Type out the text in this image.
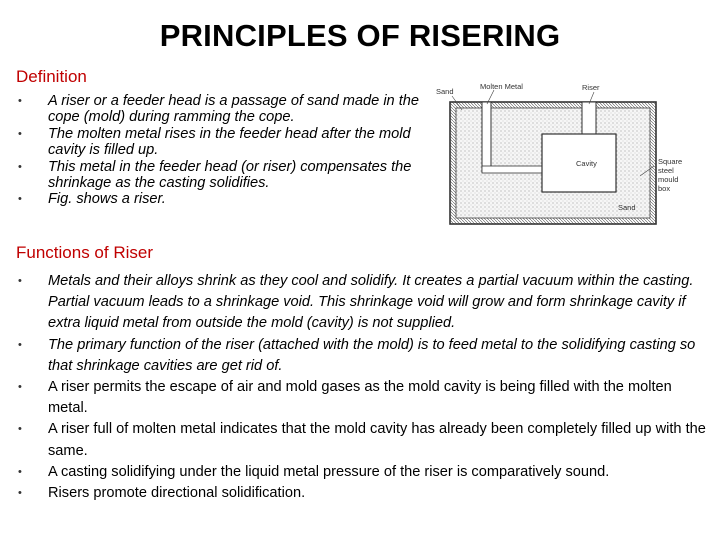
PRINCIPLES OF RISERING
Definition
• A riser or a feeder head is a passage of sand made in the cope (mold) during ramming the cope.
• The molten metal rises in the feeder head after the mold cavity is filled up.
• This metal in the feeder head (or riser) compensates the shrinkage as the casting solidifies.
• Fig. shows a riser.
Sand
Molten Metal	Riser
Cavity
Sand
Square
steel
mould
box
Functions of Riser
• Metals and their alloys shrink as they cool and solidify. It creates a partial vacuum within the casting. Partial vacuum leads to a shrinkage void. This shrinkage void will grow and form shrinkage cavity if extra liquid metal from outside the mold (cavity) is not supplied.
• The primary function of the riser (attached with the mold) is to feed metal to the solidifying casting so that shrinkage cavities are get rid of.
• A riser permits the escape of air and mold gases as the mold cavity is being filled with the molten metal.
• A riser full of molten metal indicates that the mold cavity has already been completely filled up with the same.
• A casting solidifying under the liquid metal pressure of the riser is comparatively sound.
• Risers promote directional solidification.
